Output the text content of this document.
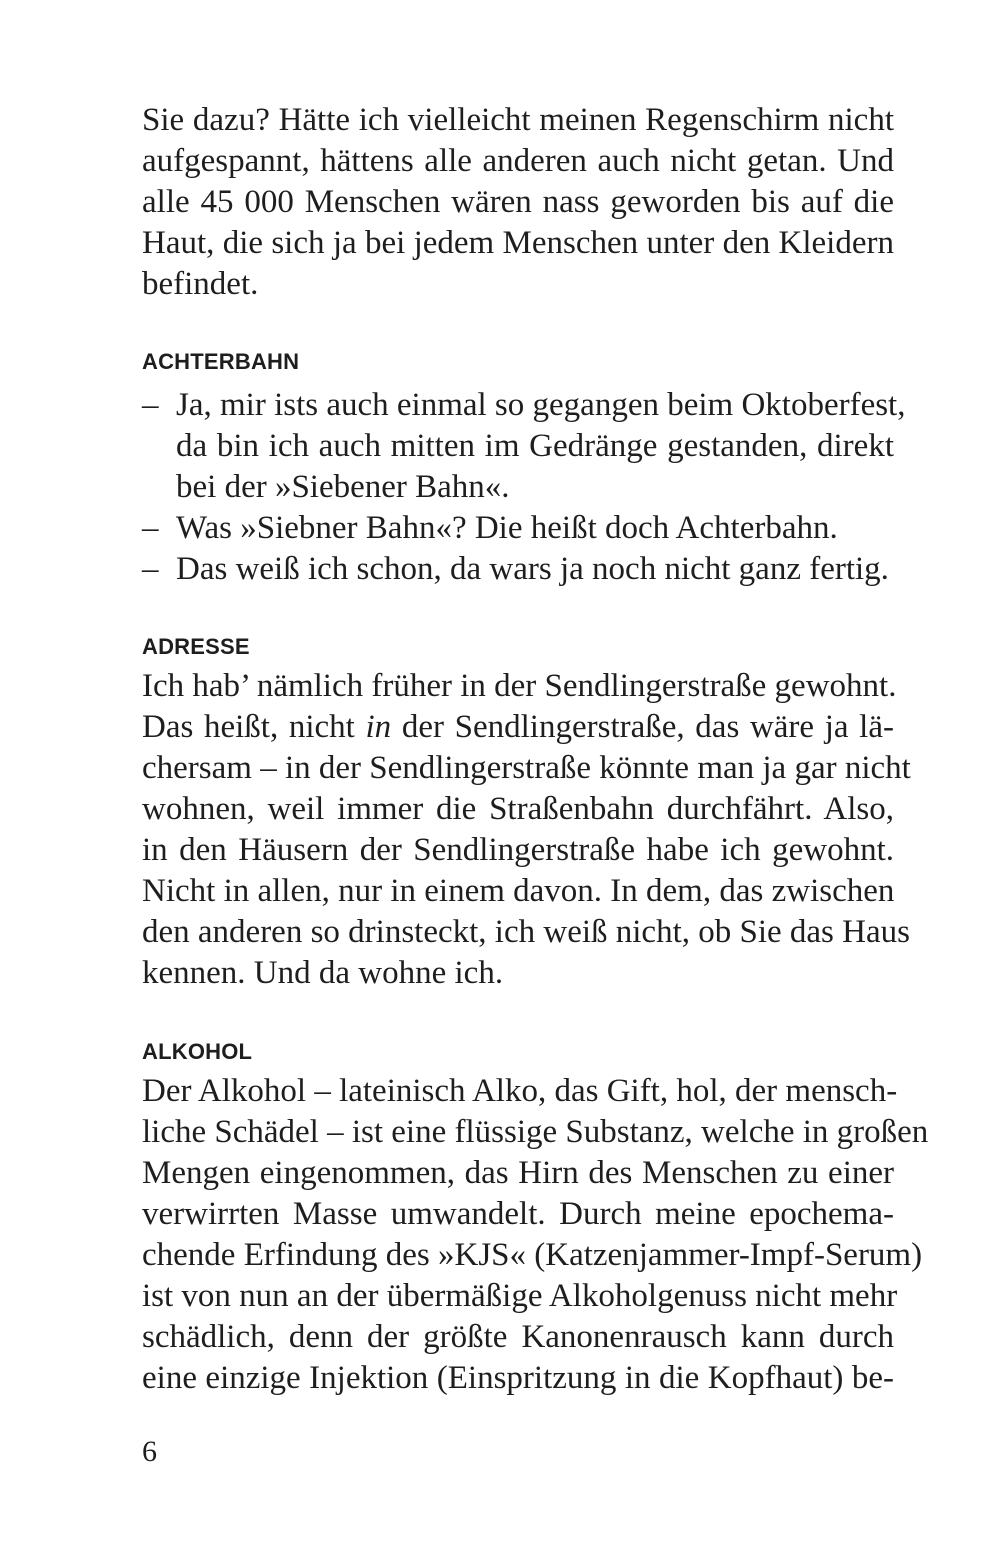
Sie dazu? Hätte ich vielleicht meinen Regenschirm nicht
aufgespannt, hättens alle anderen auch nicht getan. Und
alle 45 000 Menschen wären nass geworden bis auf die
Haut, die sich ja bei jedem Menschen unter den Kleidern
befindet.
ACHTERBAHN
– Ja, mir ists auch einmal so gegangen beim Oktoberfest,
da bin ich auch mitten im Gedränge gestanden, direkt
bei der »Siebener Bahn«.
– Was »Siebner Bahn«? Die heißt doch Achterbahn.
– Das weiß ich schon, da wars ja noch nicht ganz fertig.
ADRESSE
Ich hab’ nämlich früher in der Sendlingerstraße gewohnt.
Das heißt, nicht in der Sendlingerstraße, das wäre ja lä-
chersam – in der Sendlingerstraße könnte man ja gar nicht
wohnen, weil immer die Straßenbahn durchfährt. Also,
in den Häusern der Sendlingerstraße habe ich gewohnt.
Nicht in allen, nur in einem davon. In dem, das zwischen
den anderen so drinsteckt, ich weiß nicht, ob Sie das Haus
kennen. Und da wohne ich.
ALKOHOL
Der Alkohol – lateinisch Alko, das Gift, hol, der mensch-
liche Schädel – ist eine flüssige Substanz, welche in großen
Mengen eingenommen, das Hirn des Menschen zu einer
verwirrten Masse umwandelt. Durch meine epochema-
chende Erfindung des »KJS« (Katzenjammer-Impf-Serum)
ist von nun an der übermäßige Alkoholgenuss nicht mehr
schädlich, denn der größte Kanonenrausch kann durch
eine einzige Injektion (Einspritzung in die Kopfhaut) be-
6
